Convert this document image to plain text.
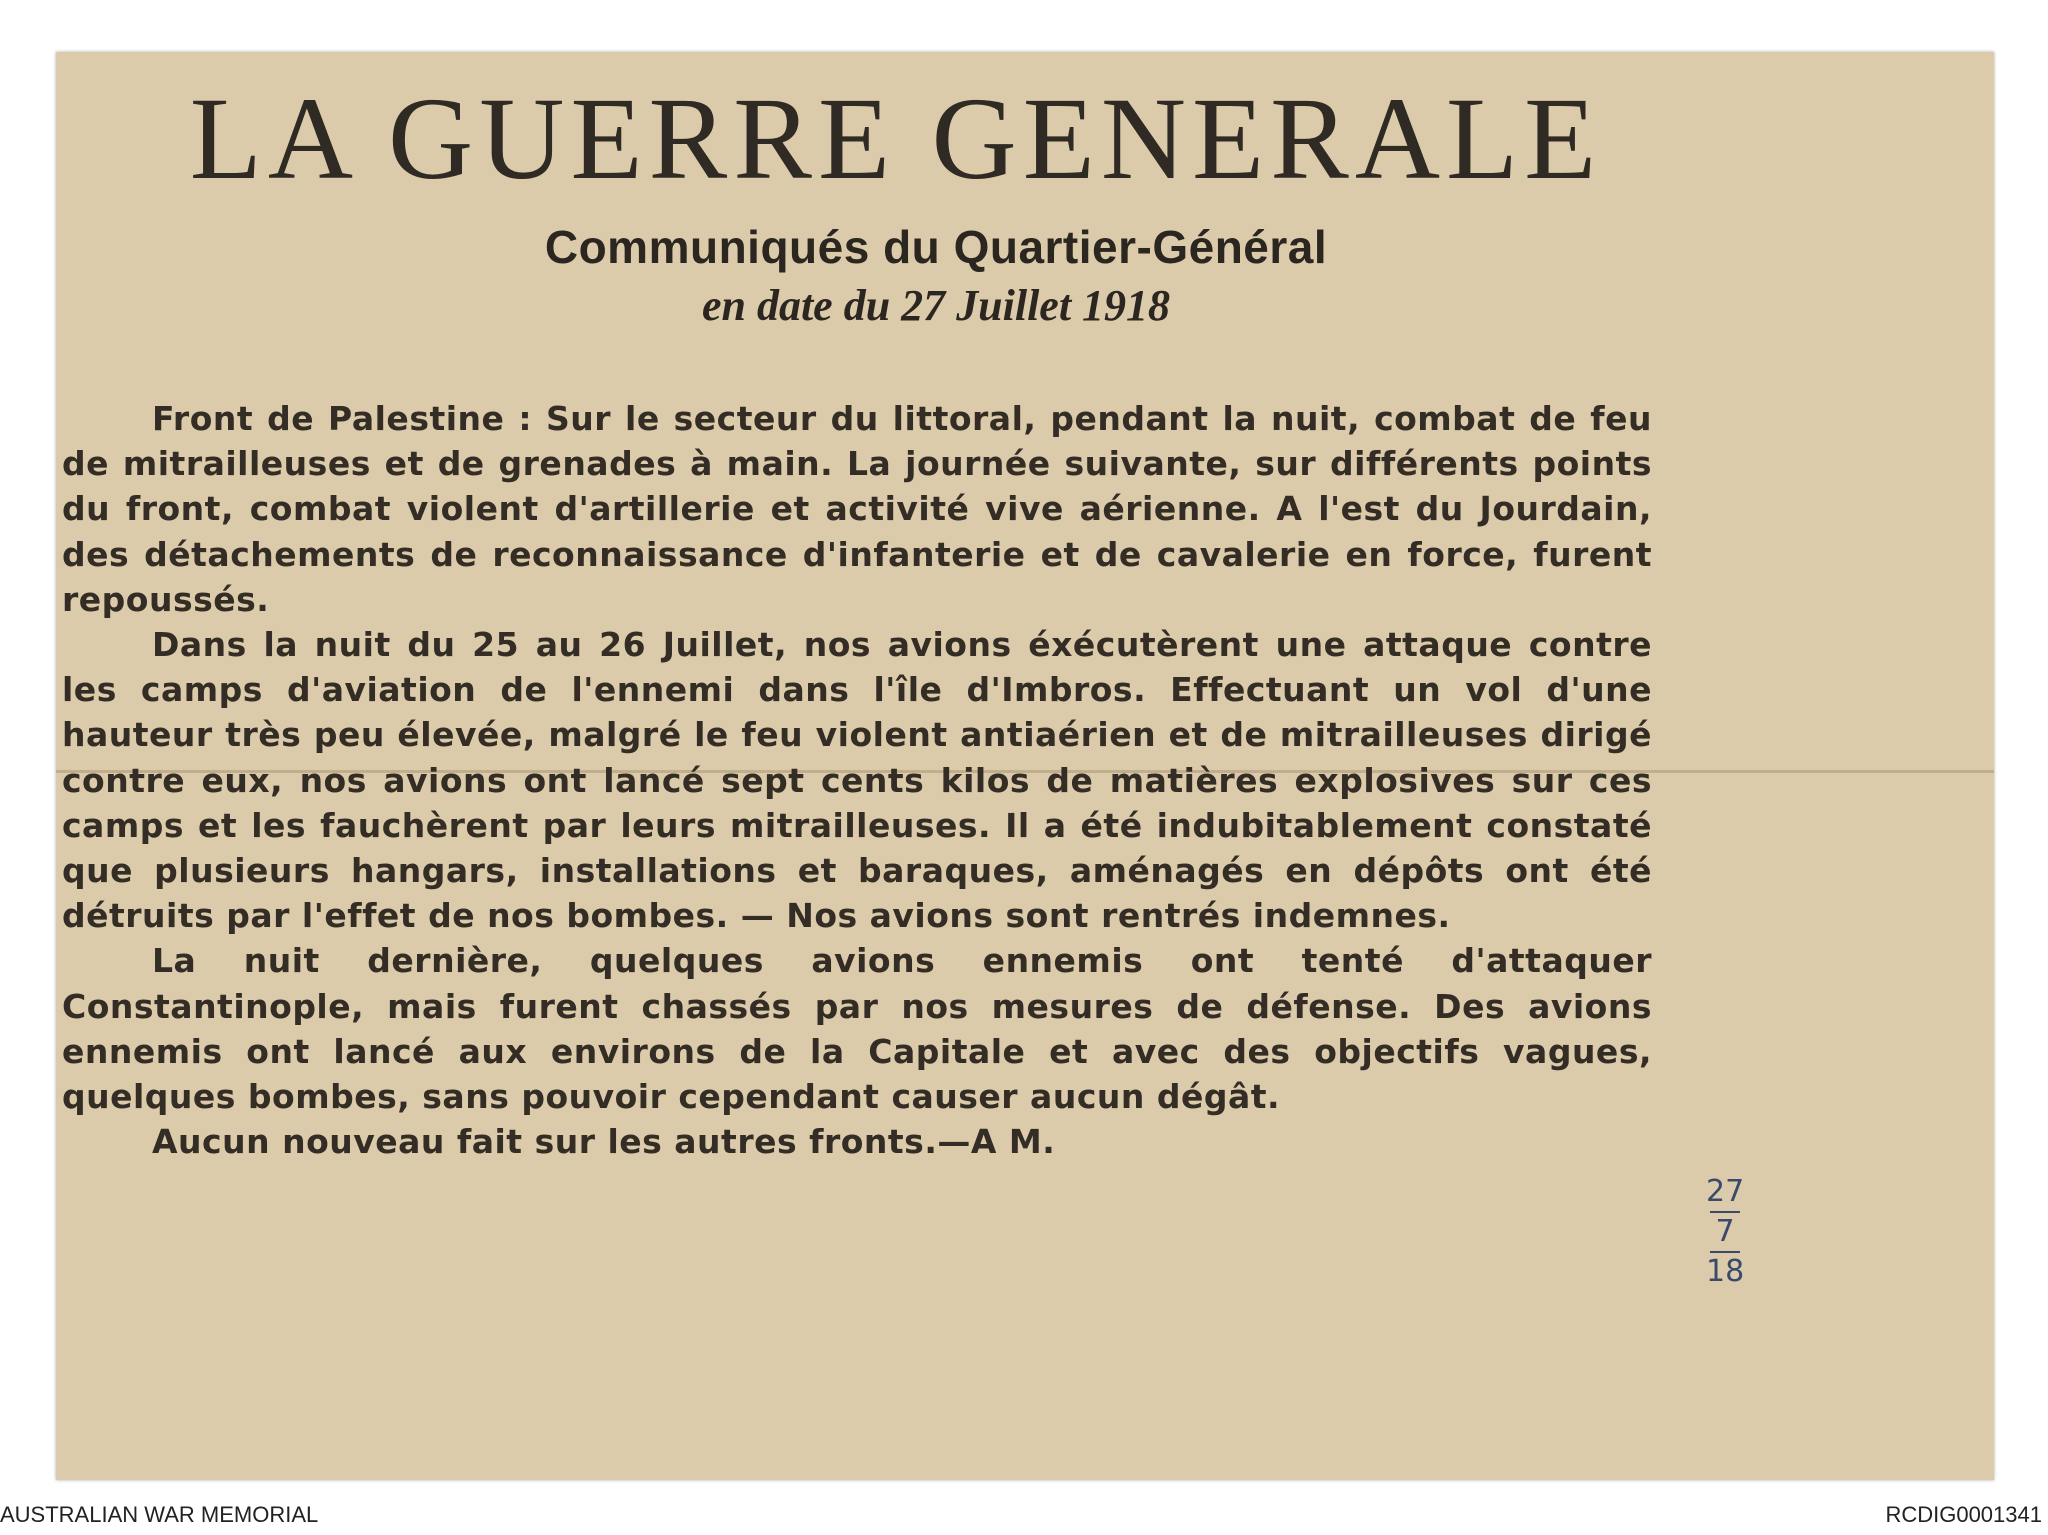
LA GUERRE GENERALE
Communiqués du Quartier-Général
en date du 27 Juillet 1918

Front de Palestine : Sur le secteur du littoral, pendant la nuit, combat de feu de mitrailleuses et de grenades à main. La journée suivante, sur différents points du front, combat violent d'artillerie et activité vive aérienne. A l'est du Jourdain, des détachements de reconnaissance d'infanterie et de cavalerie en force, furent repoussés.

Dans la nuit du 25 au 26 Juillet, nos avions éxécutèrent une attaque contre les camps d'aviation de l'ennemi dans l'île d'Imbros. Effectuant un vol d'une hauteur très peu élevée, malgré le feu violent antiaérien et de mitrailleuses dirigé contre eux, nos avions ont lancé sept cents kilos de matières explosives sur ces camps et les fauchèrent par leurs mitrailleuses. Il a été indubitablement constaté que plusieurs hangars, installations et baraques, aménagés en dépôts ont été détruits par l'effet de nos bombes. — Nos avions sont rentrés indemnes.

La nuit dernière, quelques avions ennemis ont tenté d'attaquer Constantinople, mais furent chassés par nos mesures de défense. Des avions ennemis ont lancé aux environs de la Capitale et avec des objectifs vagues, quelques bombes, sans pouvoir cependant causer aucun dégât.

Aucun nouveau fait sur les autres fronts.—A M.

27
7
18
AUSTRALIAN WAR MEMORIAL	RCDIG0001341
